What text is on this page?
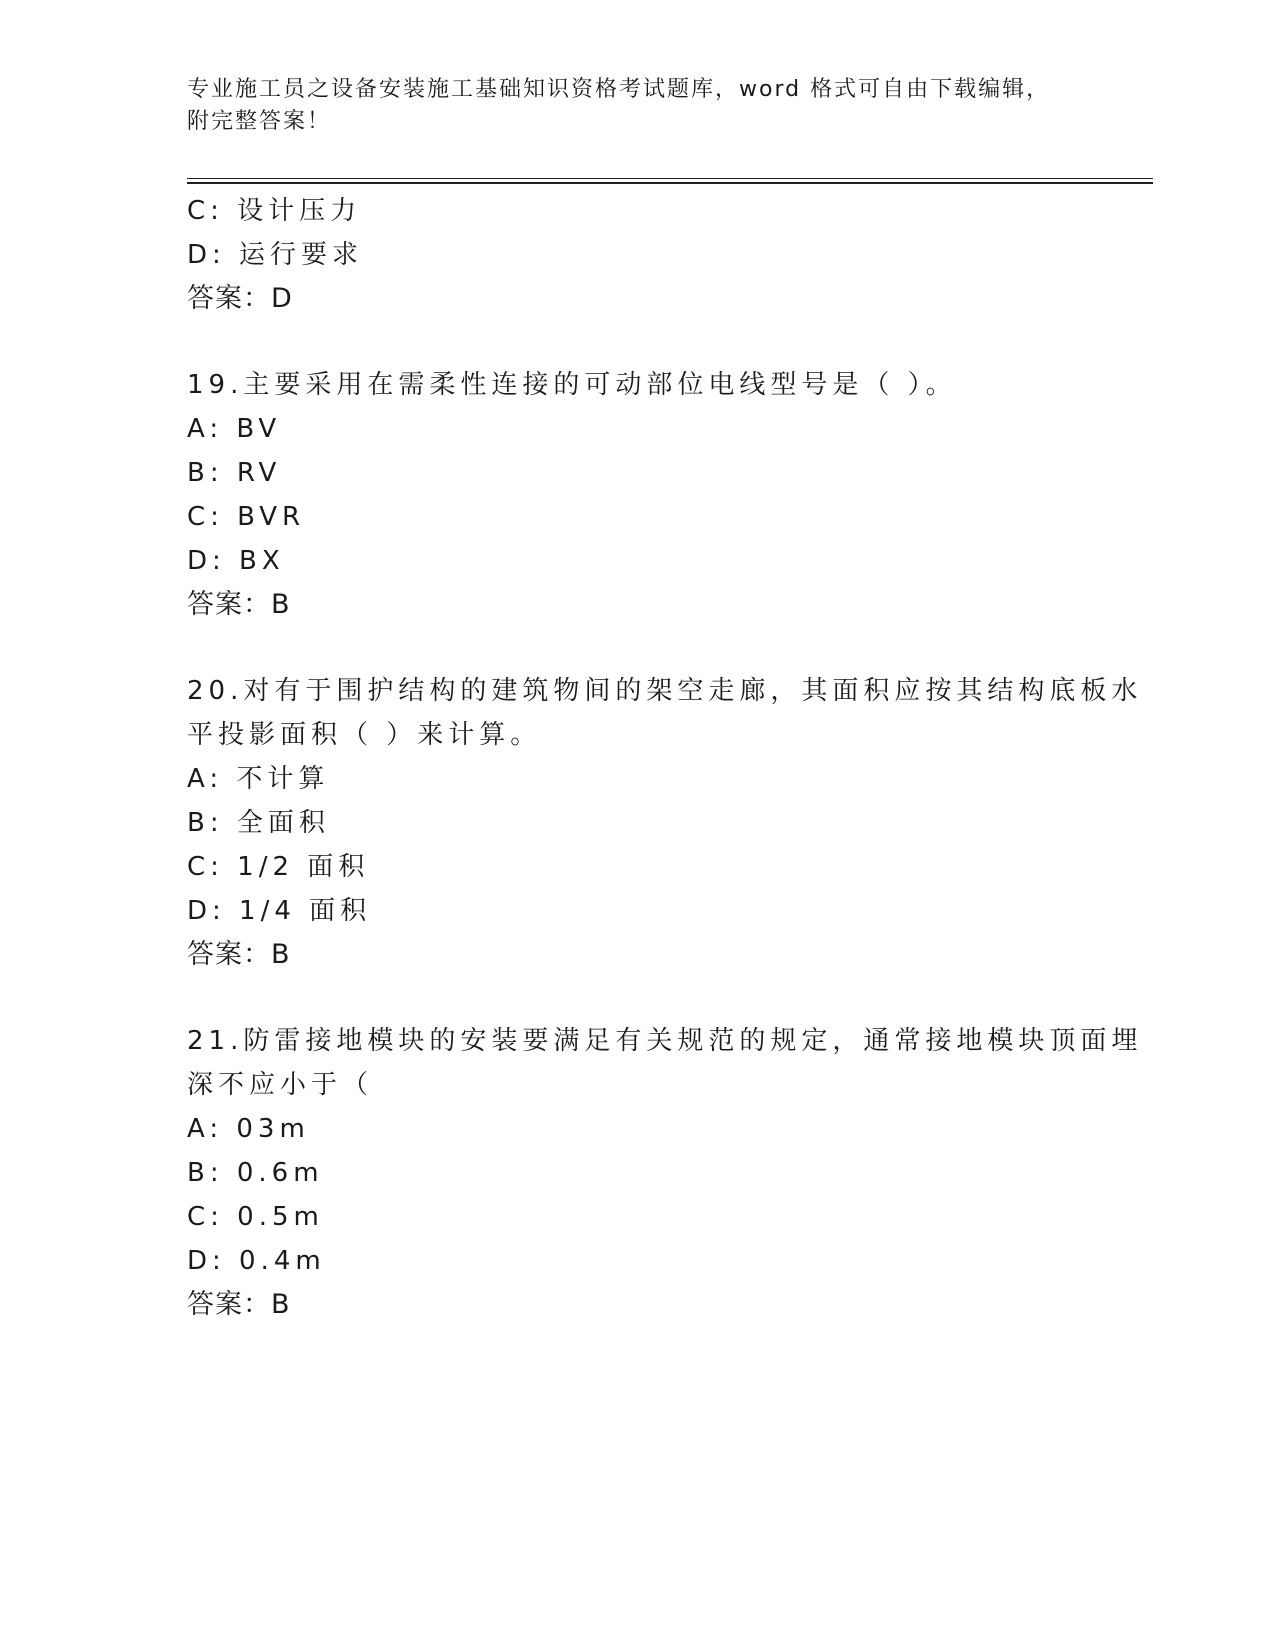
专业施工员之设备安装施工基础知识资格考试题库，word 格式可自由下载编辑，
附完整答案！
C: 设计压力
D: 运行要求
答案：D
19.主要采用在需柔性连接的可动部位电线型号是（ ）。
A: BV
B: RV
C: BVR
D: BX
答案：B
20.对有于围护结构的建筑物间的架空走廊，其面积应按其结构底板水
平投影面积（ ）来计算。
A: 不计算
B: 全面积
C: 1/2 面积
D: 1/4 面积
答案：B
21.防雷接地模块的安装要满足有关规范的规定，通常接地模块顶面埋
深不应小于（
A: 03m
B: 0.6m
C: 0.5m
D: 0.4m
答案：B
